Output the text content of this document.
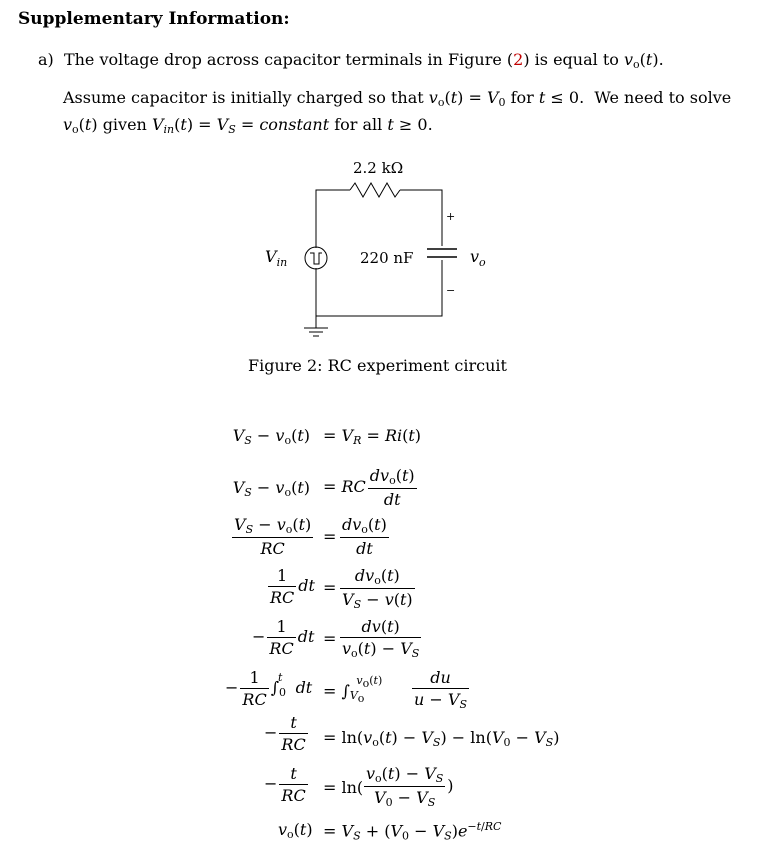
Supplementary Information:
a)  The voltage drop across capacitor terminals in Figure (2) is equal to $v_o(t)$.
Assume capacitor is initially charged so that $v_o(t) = V_0$ for t ≤ 0.  We need to solve
$v_o(t)$ given $V_{in}(t) = V_S$ = constant for all t ≥ 0.
2.2 kΩ
220 nF
$V_{in}$	$v_o$
+
−
Figure 2: RC experiment circuit
$V_S - v_o(t) = V_R = Ri(t)$
$V_S - v_o(t)$ = RC $\frac{dv_o(t)}{dt}$
$\frac{V_S - v_o(t)}{RC} = \frac{dv_o(t)}{dt}$
$\frac{1}{RC}$ dt = $\frac{dv_o(t)}{V_S - v(t)}$
− $\frac{1}{RC}$ dt = $\frac{dv(t)}{v_o(t) - V_S}$
− $\frac{1}{RC} \int_0^t$ dt = $\int_{V_o}^{v_o(t)}$	$\frac{du}{u - V_S}$
− $\frac{t}{RC} = \ln(v_o(t) - V_S) - \ln(V_0 - V_S)$
− $\frac{t}{RC} = \ln( \frac{v_o(t) - V_S}{V_0 - V_S}$ )
$v_o(t) = V_S + (V_0 - V_S)e^{-t/RC}$
